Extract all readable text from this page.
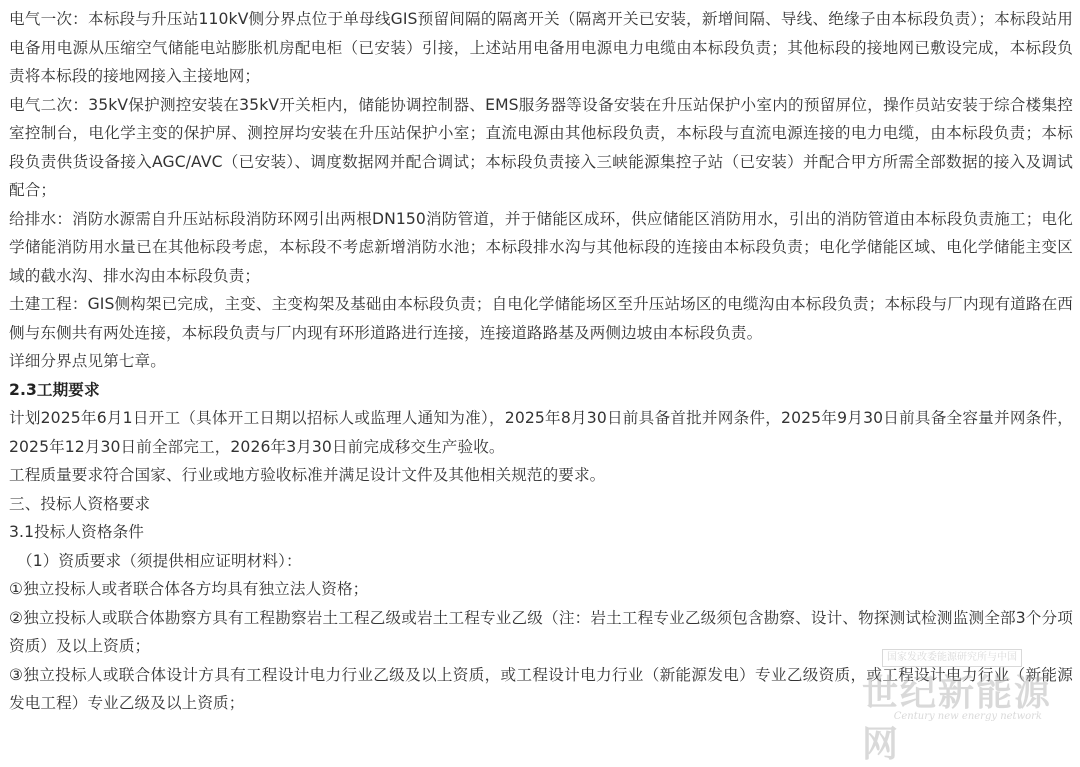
电气一次：本标段与升压站110kV侧分界点位于单母线GIS预留间隔的隔离开关（隔离开关已安装，新增间隔、导线、绝缘子由本标段负责）；本标段站用电备用电源从压缩空气储能电站膨胀机房配电柜（已安装）引接，上述站用电备用电源电力电缆由本标段负责；其他标段的接地网已敷设完成，本标段负责将本标段的接地网接入主接地网；

电气二次：35kV保护测控安装在35kV开关柜内，储能协调控制器、EMS服务器等设备安装在升压站保护小室内的预留屏位，操作员站安装于综合楼集控室控制台，电化学主变的保护屏、测控屏均安装在升压站保护小室；直流电源由其他标段负责，本标段与直流电源连接的电力电缆，由本标段负责；本标段负责供货设备接入AGC/AVC（已安装）、调度数据网并配合调试；本标段负责接入三峡能源集控子站（已安装）并配合甲方所需全部数据的接入及调试配合；

给排水：消防水源需自升压站标段消防环网引出两根DN150消防管道，并于储能区成环，供应储能区消防用水，引出的消防管道由本标段负责施工；电化学储能消防用水量已在其他标段考虑，本标段不考虑新增消防水池；本标段排水沟与其他标段的连接由本标段负责；电化学储能区域、电化学储能主变区域的截水沟、排水沟由本标段负责；

土建工程：GIS侧构架已完成，主变、主变构架及基础由本标段负责；自电化学储能场区至升压站场区的电缆沟由本标段负责；本标段与厂内现有道路在西侧与东侧共有两处连接，本标段负责与厂内现有环形道路进行连接，连接道路路基及两侧边坡由本标段负责。

详细分界点见第七章。

2.3工期要求

计划2025年6月1日开工（具体开工日期以招标人或监理人通知为准），2025年8月30日前具备首批并网条件，2025年9月30日前具备全容量并网条件，2025年12月30日前全部完工，2026年3月30日前完成移交生产验收。

工程质量要求符合国家、行业或地方验收标准并满足设计文件及其他相关规范的要求。

三、投标人资格要求

3.1投标人资格条件

（1）资质要求（须提供相应证明材料）：

①独立投标人或者联合体各方均具有独立法人资格；

②独立投标人或联合体勘察方具有工程勘察岩土工程乙级或岩土工程专业乙级（注：岩土工程专业乙级须包含勘察、设计、物探测试检测监测全部3个分项资质）及以上资质；

③独立投标人或联合体设计方具有工程设计电力行业乙级及以上资质，或工程设计电力行业（新能源发电）专业乙级资质，或工程设计电力行业（新能源发电工程）专业乙级及以上资质；

国家发改委能源研究所与中国
世纪新能源网
Century new energy network
